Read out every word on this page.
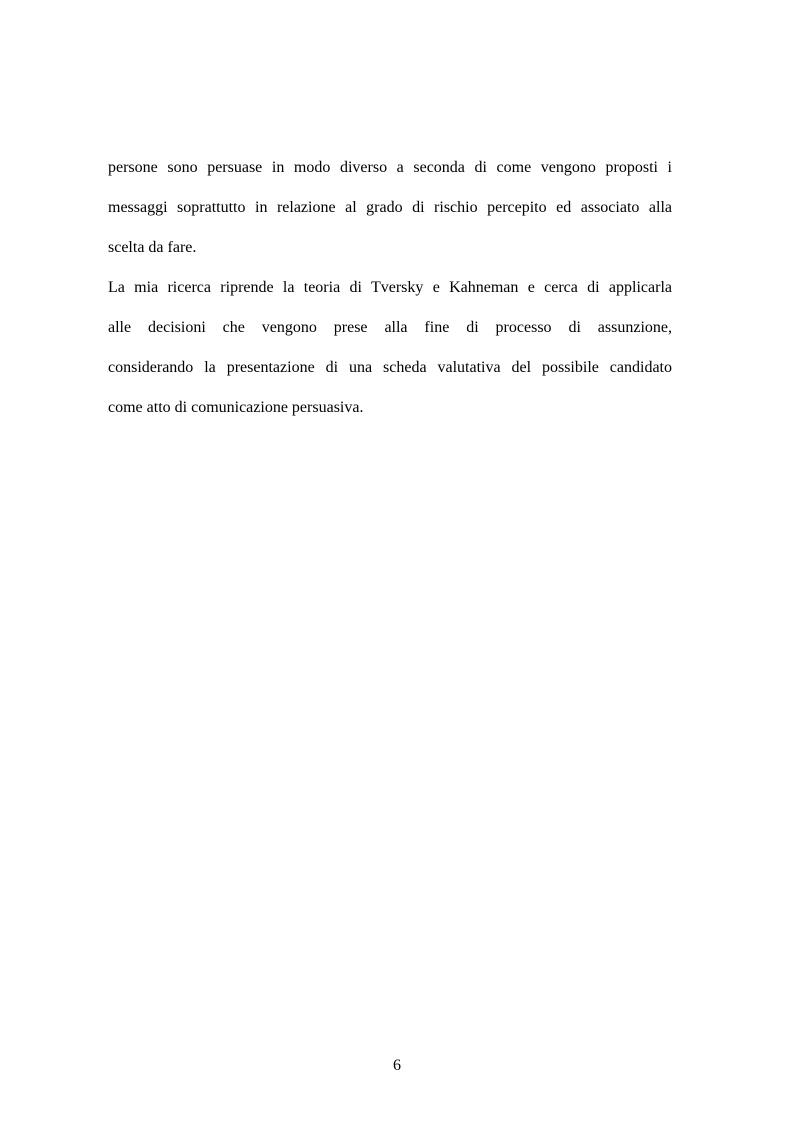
persone sono persuase in modo diverso a seconda di come vengono proposti i
messaggi soprattutto in relazione al grado di rischio percepito ed associato alla
scelta da fare.

La mia ricerca riprende la teoria di Tversky e Kahneman e cerca di applicarla
alle decisioni che vengono prese alla fine di processo di assunzione,
considerando la presentazione di una scheda valutativa del possibile candidato
come atto di comunicazione persuasiva.

6
